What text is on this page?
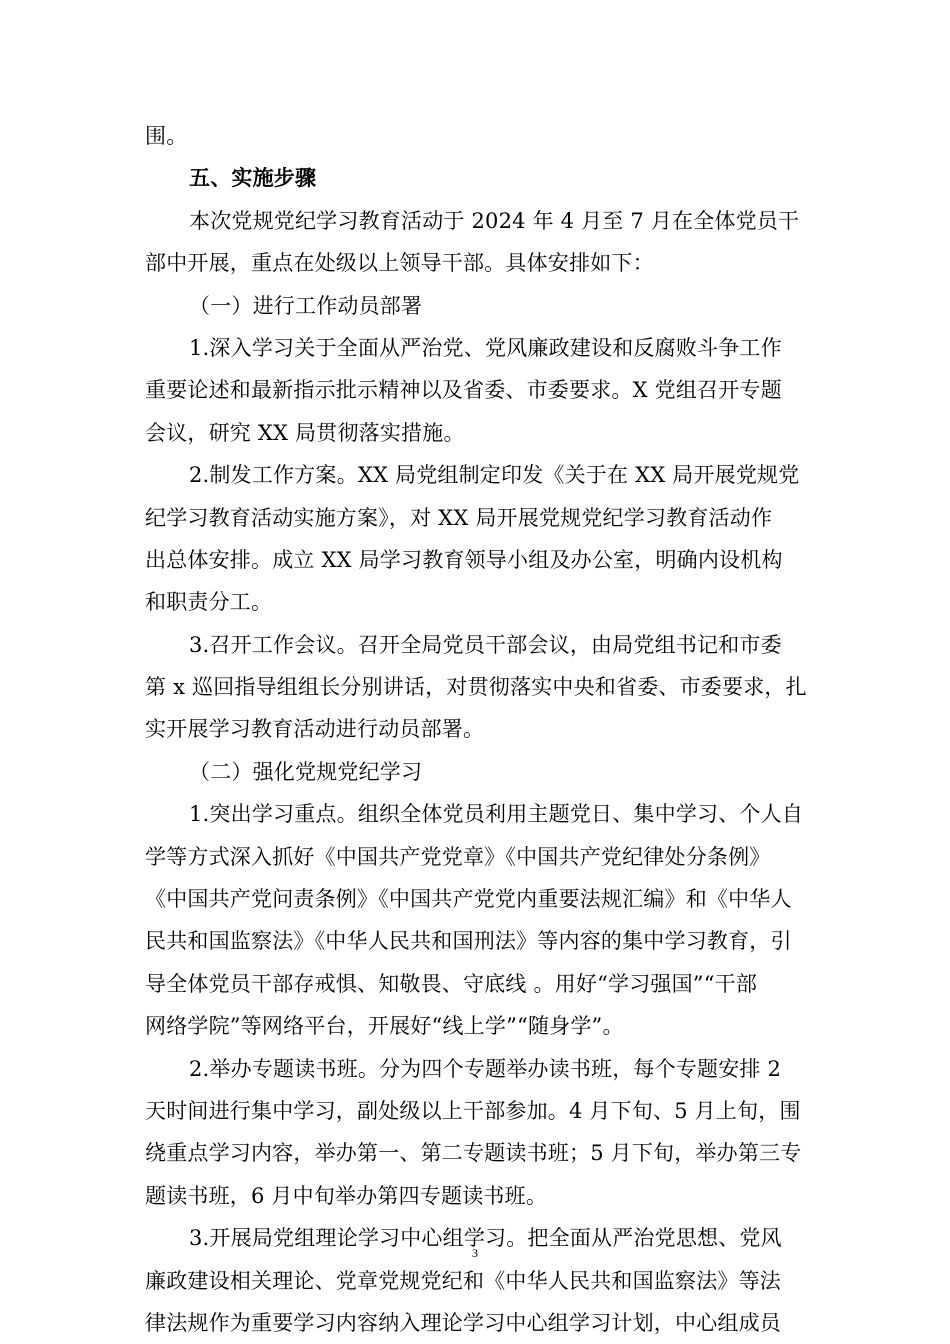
围。
五、实施步骤
本次党规党纪学习教育活动于 2024 年 4 月至 7 月在全体党员干
部中开展，重点在处级以上领导干部。具体安排如下：
（一）进行工作动员部署
1.深入学习关于全面从严治党、党风廉政建设和反腐败斗争工作
重要论述和最新指示批示精神以及省委、市委要求。X 党组召开专题
会议，研究 XX 局贯彻落实措施。
2.制发工作方案。XX 局党组制定印发《关于在 XX 局开展党规党
纪学习教育活动实施方案》，对 XX 局开展党规党纪学习教育活动作
出总体安排。成立 XX 局学习教育领导小组及办公室，明确内设机构
和职责分工。
3.召开工作会议。召开全局党员干部会议，由局党组书记和市委
第 x 巡回指导组组长分别讲话，对贯彻落实中央和省委、市委要求，扎
实开展学习教育活动进行动员部署。
（二）强化党规党纪学习
1.突出学习重点。组织全体党员利用主题党日、集中学习、个人自
学等方式深入抓好《中国共产党党章》《中国共产党纪律处分条例》
《中国共产党问责条例》《中国共产党党内重要法规汇编》和《中华人
民共和国监察法》《中华人民共和国刑法》等内容的集中学习教育，引
导全体党员干部存戒惧、知敬畏、守底线 。用好“学习强国”“干部
网络学院”等网络平台，开展好“线上学”“随身学”。
2.举办专题读书班。分为四个专题举办读书班，每个专题安排 2
天时间进行集中学习，副处级以上干部参加。4 月下旬、5 月上旬，围
绕重点学习内容，举办第一、第二专题读书班；5 月下旬，举办第三专
题读书班，6 月中旬举办第四专题读书班。
3.开展局党组理论学习中心组学习。把全面从严治党思想、党风
廉政建设相关理论、党章党规党纪和《中华人民共和国监察法》等法
律法规作为重要学习内容纳入理论学习中心组学习计划，中心组成员
3
